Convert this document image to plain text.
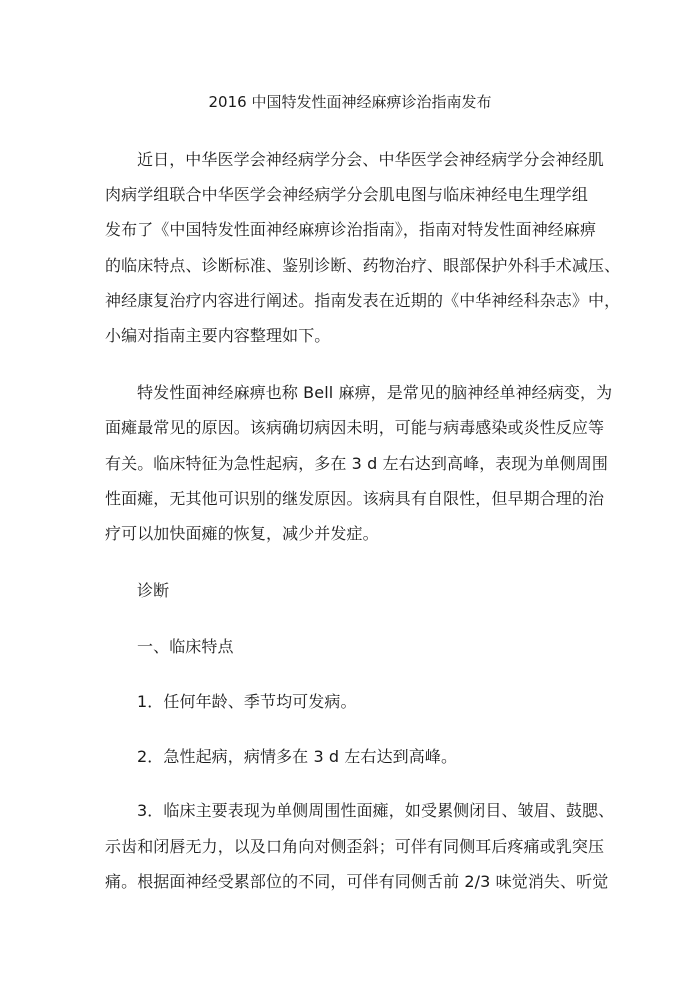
2016 中国特发性面神经麻痹诊治指南发布
近日，中华医学会神经病学分会、中华医学会神经病学分会神经肌
肉病学组联合中华医学会神经病学分会肌电图与临床神经电生理学组
发布了《中国特发性面神经麻痹诊治指南》，指南对特发性面神经麻痹
的临床特点、诊断标准、鉴别诊断、药物治疗、眼部保护外科手术减压、
神经康复治疗内容进行阐述。指南发表在近期的《中华神经科杂志》中，
小编对指南主要内容整理如下。
特发性面神经麻痹也称 Bell 麻痹，是常见的脑神经单神经病变，为
面瘫最常见的原因。该病确切病因未明，可能与病毒感染或炎性反应等
有关。临床特征为急性起病，多在 3 d 左右达到高峰，表现为单侧周围
性面瘫，无其他可识别的继发原因。该病具有自限性，但早期合理的治
疗可以加快面瘫的恢复，减少并发症。
诊断
一、临床特点
1．任何年龄、季节均可发病。
2．急性起病，病情多在 3 d 左右达到高峰。
3．临床主要表现为单侧周围性面瘫，如受累侧闭目、皱眉、鼓腮、
示齿和闭唇无力，以及口角向对侧歪斜；可伴有同侧耳后疼痛或乳突压
痛。根据面神经受累部位的不同，可伴有同侧舌前 2/3 味觉消失、听觉
